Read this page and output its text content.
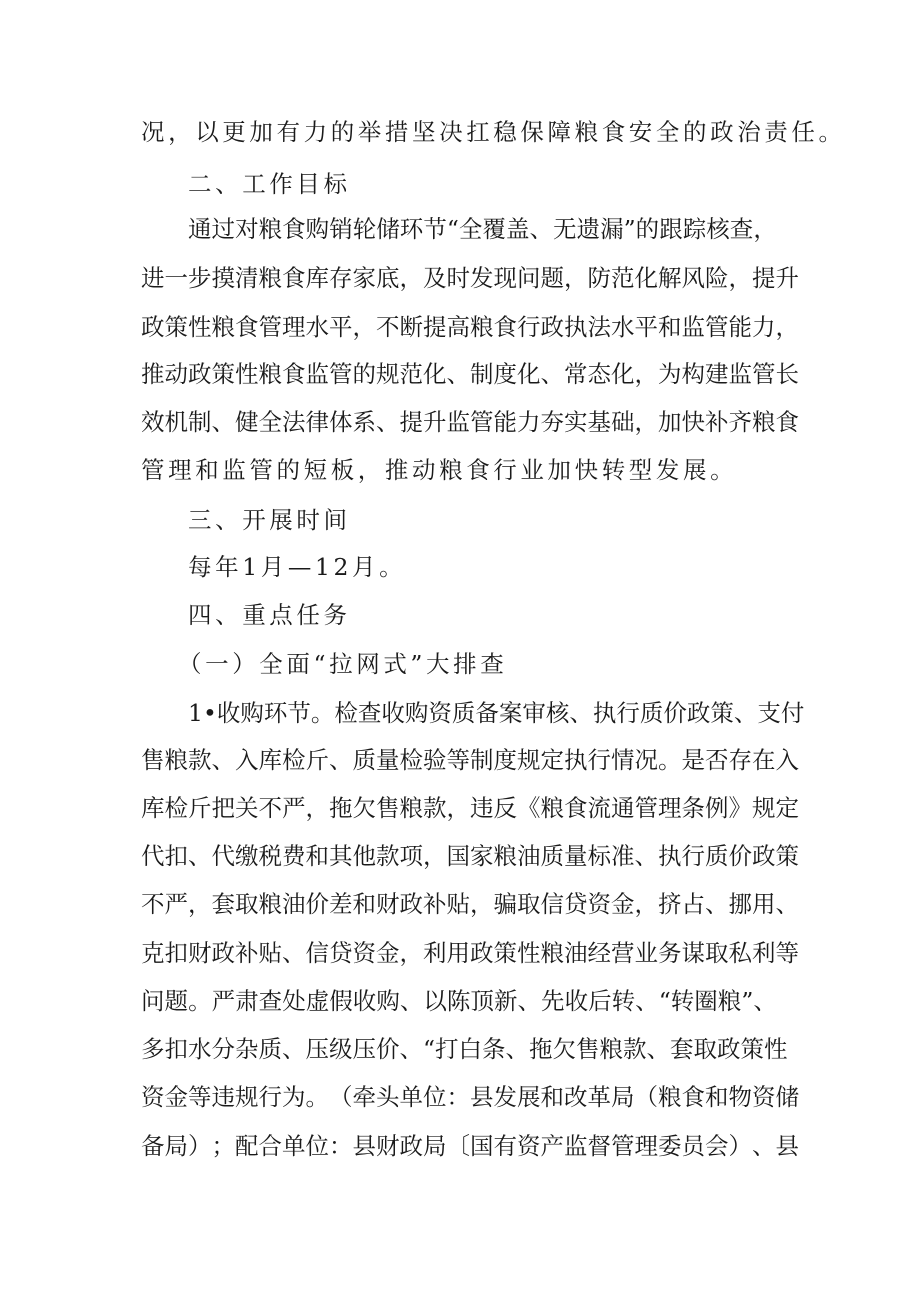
况，以更加有力的举措坚决扛稳保障粮食安全的政治责任。
二、工作目标
通 过 对 粮 食 购 销 轮 储 环 节 “ 全 覆 盖 、 无 遗 漏 ” 的 跟 踪 核 查 ，
进 一 步 摸 清 粮 食 库 存 家 底 ， 及 时 发 现 问 题 ， 防 范 化 解 风 险 ， 提 升
政 策 性 粮 食 管 理 水 平 ， 不 断 提 高 粮 食 行 政 执 法 水 平 和 监 管 能 力 ，
推 动 政 策 性 粮 食 监 管 的 规 范 化 、 制 度 化 、 常 态 化 ， 为 构 建 监 管 长
效 机 制 、 健 全 法 律 体 系 、 提 升 监 管 能 力 夯 实 基 础 ， 加 快 补 齐 粮 食
管理和监管的短板，推动粮食行业加快转型发展。
三、开展时间
每年1月—12月。
四、重点任务
（一）全面“拉网式”大排查
1 • 收 购 环 节 。 检 查 收 购 资 质 备 案 审 核 、 执 行 质 价 政 策 、 支 付
售 粮 款 、 入 库 检 斤 、 质 量 检 验 等 制 度 规 定 执 行 情 况 。 是 否 存 在 入
库 检 斤 把 关 不 严 ， 拖 欠 售 粮 款 ， 违 反 《 粮 食 流 通 管 理 条 例 》 规 定
代 扣 、 代 缴 税 费 和 其 他 款 项 ， 国 家 粮 油 质 量 标 准 、 执 行 质 价 政 策
不 严 ， 套 取 粮 油 价 差 和 财 政 补 贴 ， 骗 取 信 贷 资 金 ， 挤 占 、 挪 用 、
克 扣 财 政 补 贴 、 信 贷 资 金 ， 利 用 政 策 性 粮 油 经 营 业 务 谋 取 私 利 等
问 题 。 严 肃 查 处 虚 假 收 购 、 以 陈 顶 新 、 先 收 后 转 、 “ 转 圈 粮 ” 、
多 扣 水 分 杂 质 、 压 级 压 价 、 “ 打 白 条 、 拖 欠 售 粮 款 、 套 取 政 策 性
资 金 等 违 规 行 为 。 （ 牵 头 单 位 ： 县 发 展 和 改 革 局 （ 粮 食 和 物 资 储
备 局 ） ； 配 合 单 位 ： 县 财 政 局 〔 国 有 资 产 监 督 管 理 委 员 会 ） 、 县
